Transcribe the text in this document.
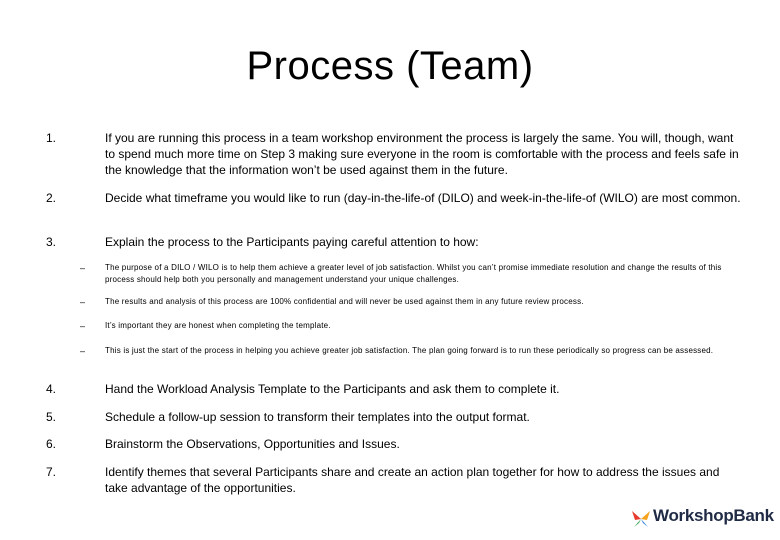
Process (Team)
1.	If you are running this process in a team workshop environment the process is largely the same. You will, though, want to spend much more time on Step 3 making sure everyone in the room is comfortable with the process and feels safe in the knowledge that the information won’t be used against them in the future.
2.	Decide what timeframe you would like to run (day-in-the-life-of (DILO) and week-in-the-life-of (WILO) are most common.
3.	Explain the process to the Participants paying careful attention to how:
– The purpose of a DILO / WILO is to help them achieve a greater level of job satisfaction. Whilst you can’t promise immediate resolution and change the results of this process should help both you personally and management understand your unique challenges.
– The results and analysis of this process are 100% confidential and will never be used against them in any future review process.
– It’s important they are honest when completing the template.
– This is just the start of the process in helping you achieve greater job satisfaction. The plan going forward is to run these periodically so progress can be assessed.
4.	Hand the Workload Analysis Template to the Participants and ask them to complete it.
5.	Schedule a follow-up session to transform their templates into the output format.
6.	Brainstorm the Observations, Opportunities and Issues.
7.	Identify themes that several Participants share and create an action plan together for how to address the issues and take advantage of the opportunities.
WorkshopBank
